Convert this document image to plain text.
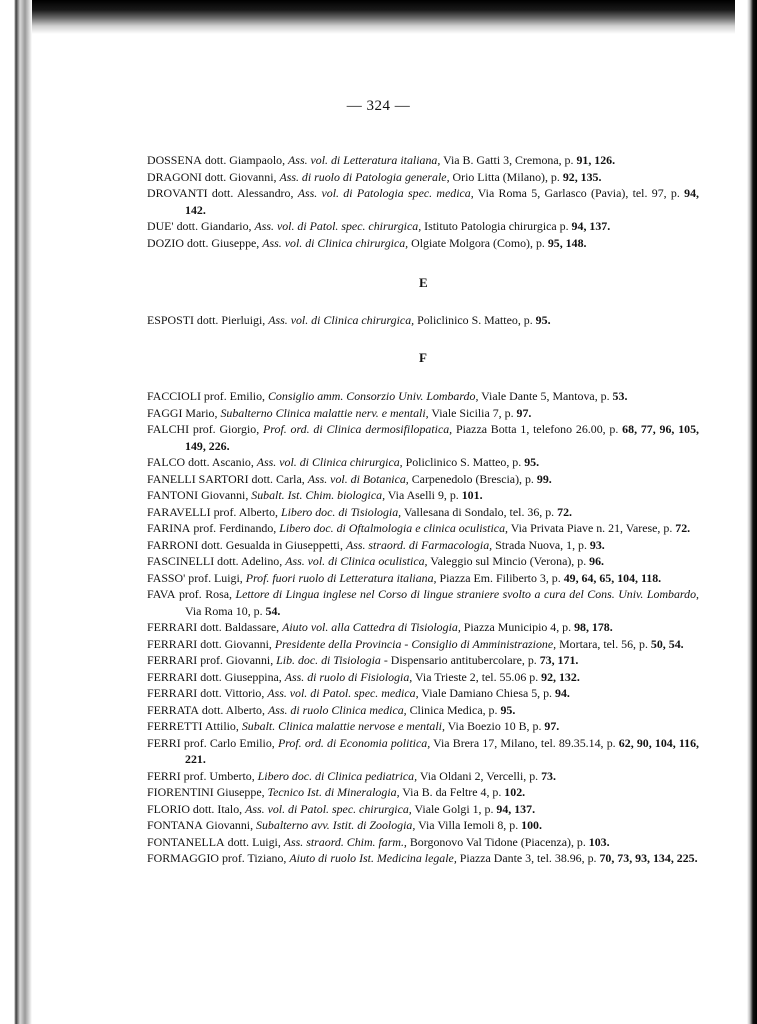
— 324 —

DOSSENA dott. Giampaolo, Ass. vol. di Letteratura italiana, Via B. Gatti 3, Cremona, p. 91, 126.

DRAGONI dott. Giovanni, Ass. di ruolo di Patologia generale, Orio Litta (Milano), p. 92, 135.

DROVANTI dott. Alessandro, Ass. vol. di Patologia spec. medica, Via Roma 5, Garlasco (Pavia), tel. 97, p. 94, 142.

DUE' dott. Giandario, Ass. vol. di Patol. spec. chirurgica, Istituto Patologia chirurgica p. 94, 137.

DOZIO dott. Giuseppe, Ass. vol. di Clinica chirurgica, Olgiate Molgora (Como), p. 95, 148.

E

ESPOSTI dott. Pierluigi, Ass. vol. di Clinica chirurgica, Policlinico S. Matteo, p. 95.

F

FACCIOLI prof. Emilio, Consiglio amm. Consorzio Univ. Lombardo, Viale Dante 5, Mantova, p. 53.

FAGGI Mario, Subalterno Clinica malattie nerv. e mentali, Viale Sicilia 7, p. 97.

FALCHI prof. Giorgio, Prof. ord. di Clinica dermosifilopatica, Piazza Botta 1, telefono 26.00, p. 68, 77, 96, 105, 149, 226.

FALCO dott. Ascanio, Ass. vol. di Clinica chirurgica, Policlinico S. Matteo, p. 95.

FANELLI SARTORI dott. Carla, Ass. vol. di Botanica, Carpenedolo (Brescia), p. 99.

FANTONI Giovanni, Subalt. Ist. Chim. biologica, Via Aselli 9, p. 101.

FARAVELLI prof. Alberto, Libero doc. di Tisiologia, Vallesana di Sondalo, tel. 36, p. 72.

FARINA prof. Ferdinando, Libero doc. di Oftalmologia e clinica oculistica, Via Privata Piave n. 21, Varese, p. 72.

FARRONI dott. Gesualda in Giuseppetti, Ass. straord. di Farmacologia, Strada Nuova, 1, p. 93.

FASCINELLI dott. Adelino, Ass. vol. di Clinica oculistica, Valeggio sul Mincio (Verona), p. 96.

FASSO' prof. Luigi, Prof. fuori ruolo di Letteratura italiana, Piazza Em. Filiberto 3, p. 49, 64, 65, 104, 118.

FAVA prof. Rosa, Lettore di Lingua inglese nel Corso di lingue straniere svolto a cura del Cons. Univ. Lombardo, Via Roma 10, p. 54.

FERRARI dott. Baldassare, Aiuto vol. alla Cattedra di Tisiologia, Piazza Municipio 4, p. 98, 178.

FERRARI dott. Giovanni, Presidente della Provincia - Consiglio di Amministrazione, Mortara, tel. 56, p. 50, 54.

FERRARI prof. Giovanni, Lib. doc. di Tisiologia - Dispensario antitubercolare, p. 73, 171.

FERRARI dott. Giuseppina, Ass. di ruolo di Fisiologia, Via Trieste 2, tel. 55.06 p. 92, 132.

FERRARI dott. Vittorio, Ass. vol. di Patol. spec. medica, Viale Damiano Chiesa 5, p. 94.

FERRATA dott. Alberto, Ass. di ruolo Clinica medica, Clinica Medica, p. 95.

FERRETTI Attilio, Subalt. Clinica malattie nervose e mentali, Via Boezio 10 B, p. 97.

FERRI prof. Carlo Emilio, Prof. ord. di Economia politica, Via Brera 17, Milano, tel. 89.35.14, p. 62, 90, 104, 116, 221.

FERRI prof. Umberto, Libero doc. di Clinica pediatrica, Via Oldani 2, Vercelli, p. 73.

FIORENTINI Giuseppe, Tecnico Ist. di Mineralogia, Via B. da Feltre 4, p. 102.

FLORIO dott. Italo, Ass. vol. di Patol. spec. chirurgica, Viale Golgi 1, p. 94, 137.

FONTANA Giovanni, Subalterno avv. Istit. di Zoologia, Via Villa Iemoli 8, p. 100.

FONTANELLA dott. Luigi, Ass. straord. Chim. farm., Borgonovo Val Tidone (Piacenza), p. 103.

FORMAGGIO prof. Tiziano, Aiuto di ruolo Ist. Medicina legale, Piazza Dante 3, tel. 38.96, p. 70, 73, 93, 134, 225.
